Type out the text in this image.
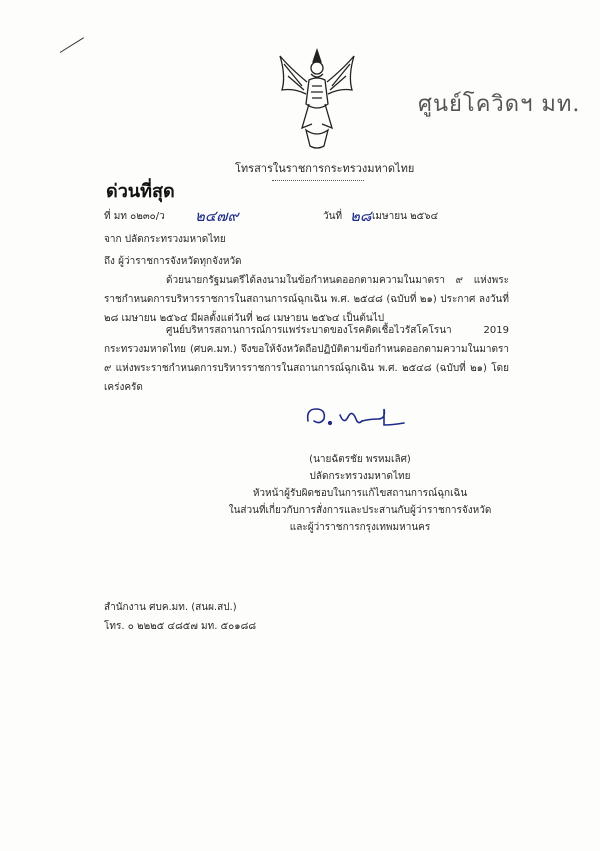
ศูนย์โควิดฯ มท.
โทรสารในราชการกระทรวงมหาดไทย
ด่วนที่สุด
ที่ มท ๐๒๓๐/ว ๒๔๗๙	วันที่ ๒๘ เมษายน ๒๕๖๔
จาก ปลัดกระทรวงมหาดไทย
ถึง ผู้ว่าราชการจังหวัดทุกจังหวัด

ด้วยนายกรัฐมนตรีได้ลงนามในข้อกำหนดออกตามความในมาตรา ๙ แห่งพระราชกำหนดการบริหารราชการในสถานการณ์ฉุกเฉิน พ.ศ. ๒๕๔๘ (ฉบับที่ ๒๑) ประกาศ ลงวันที่ ๒๘ เมษายน ๒๕๖๔ มีผลตั้งแต่วันที่ ๒๘ เมษายน ๒๕๖๔ เป็นต้นไป

ศูนย์บริหารสถานการณ์การแพร่ระบาดของโรคติดเชื้อไวรัสโคโรนา 2019 กระทรวงมหาดไทย (ศบค.มท.) จึงขอให้จังหวัดถือปฏิบัติตามข้อกำหนดออกตามความในมาตรา ๙ แห่งพระราชกำหนดการบริหารราชการในสถานการณ์ฉุกเฉิน พ.ศ. ๒๕๔๘ (ฉบับที่ ๒๑) โดยเคร่งครัด

(นายฉัตรชัย พรหมเลิศ)
ปลัดกระทรวงมหาดไทย
หัวหน้าผู้รับผิดชอบในการแก้ไขสถานการณ์ฉุกเฉิน
ในส่วนที่เกี่ยวกับการสั่งการและประสานกับผู้ว่าราชการจังหวัด
และผู้ว่าราชการกรุงเทพมหานคร
สำนักงาน ศบค.มท. (สนผ.สป.)
โทร. ๐ ๒๒๒๕ ๔๘๕๗ มท. ๕๐๑๘๘
